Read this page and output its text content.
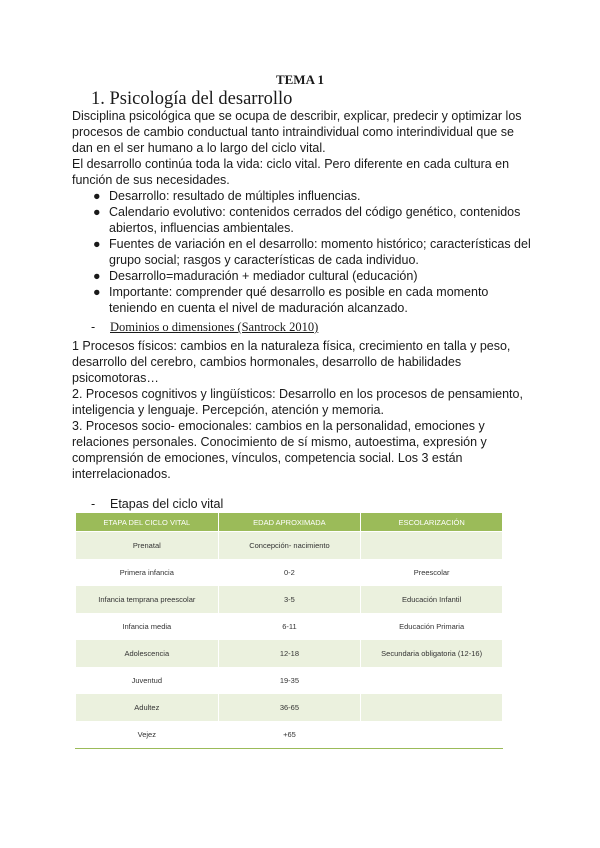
TEMA 1
1. Psicología del desarrollo
Disciplina psicológica que se ocupa de describir, explicar, predecir y optimizar los procesos de cambio conductual tanto intraindividual como interindividual que se dan en el ser humano a lo largo del ciclo vital.
El desarrollo continúa toda la vida: ciclo vital. Pero diferente en cada cultura en función de sus necesidades.
● Desarrollo: resultado de múltiples influencias.
● Calendario evolutivo: contenidos cerrados del código genético, contenidos abiertos, influencias ambientales.
● Fuentes de variación en el desarrollo: momento histórico; características del grupo social; rasgos y características de cada individuo.
● Desarrollo=maduración + mediador cultural (educación)
● Importante: comprender qué desarrollo es posible en cada momento teniendo en cuenta el nivel de maduración alcanzado.
- Dominios o dimensiones (Santrock 2010)
1 Procesos físicos: cambios en la naturaleza física, crecimiento en talla y peso, desarrollo del cerebro, cambios hormonales, desarrollo de habilidades psicomotoras…
2. Procesos cognitivos y lingüísticos: Desarrollo en los procesos de pensamiento, inteligencia y lenguaje. Percepción, atención y memoria.
3. Procesos socio- emocionales: cambios en la personalidad, emociones y relaciones personales. Conocimiento de sí mismo, autoestima, expresión y comprensión de emociones, vínculos, competencia social. Los 3 están interrelacionados.
- Etapas del ciclo vital
ETAPA DEL CICLO VITAL	EDAD APROXIMADA	ESCOLARIZACIÓN
Prenatal	Concepción- nacimiento	
Primera infancia	0-2	Preescolar
Infancia temprana preescolar	3-5	Educación Infantil
Infancia media	6-11	Educación Primaria
Adolescencia	12-18	Secundaria obligatoria (12-16)
Juventud	19-35	
Adultez	36-65	
Vejez	+65	
